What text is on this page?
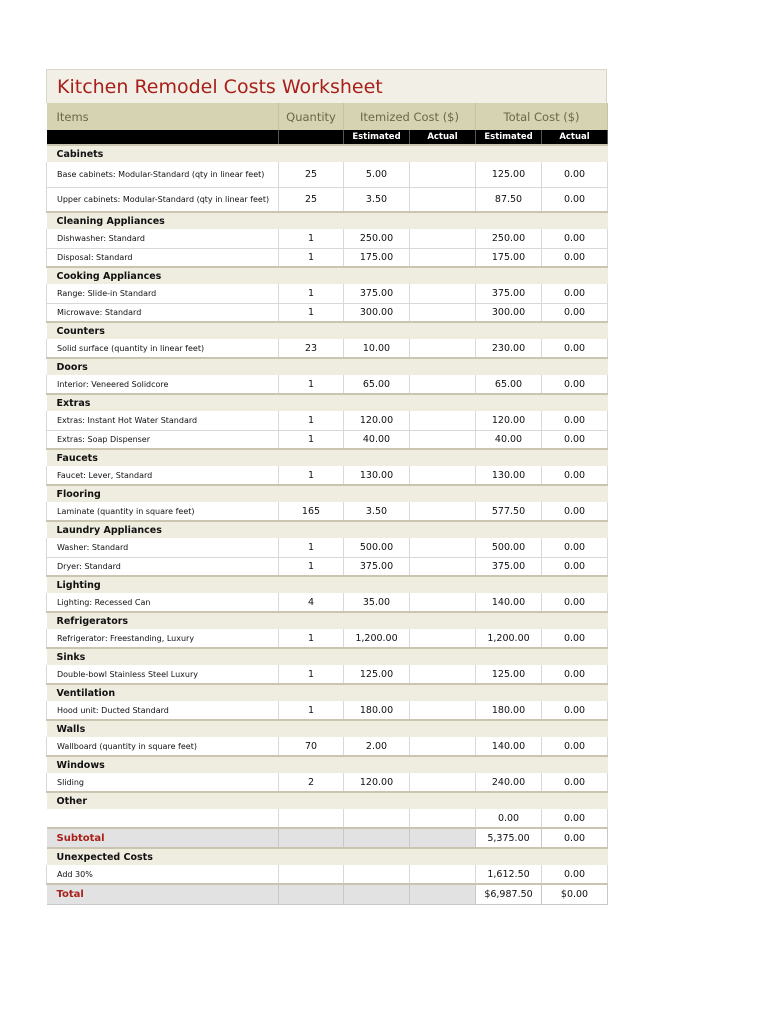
Kitchen Remodel Costs Worksheet
Items	Quantity	Itemized Cost ($)		Total Cost ($)	
		Estimated	Actual	Estimated	Actual
Cabinets					
Base cabinets: Modular-Standard (qty in linear feet)	25	5.00		125.00	0.00
Upper cabinets: Modular-Standard (qty in linear feet)	25	3.50		87.50	0.00
Cleaning Appliances					
Dishwasher: Standard	1	250.00		250.00	0.00
Disposal: Standard	1	175.00		175.00	0.00
Cooking Appliances					
Range: Slide-in Standard	1	375.00		375.00	0.00
Microwave: Standard	1	300.00		300.00	0.00
Counters					
Solid surface (quantity in linear feet)	23	10.00		230.00	0.00
Doors					
Interior: Veneered Solidcore	1	65.00		65.00	0.00
Extras					
Extras: Instant Hot Water Standard	1	120.00		120.00	0.00
Extras: Soap Dispenser	1	40.00		40.00	0.00
Faucets					
Faucet: Lever, Standard	1	130.00		130.00	0.00
Flooring					
Laminate (quantity in square feet)	165	3.50		577.50	0.00
Laundry Appliances					
Washer: Standard	1	500.00		500.00	0.00
Dryer: Standard	1	375.00		375.00	0.00
Lighting					
Lighting: Recessed Can	4	35.00		140.00	0.00
Refrigerators					
Refrigerator: Freestanding, Luxury	1	1,200.00		1,200.00	0.00
Sinks					
Double-bowl Stainless Steel Luxury	1	125.00		125.00	0.00
Ventilation					
Hood unit: Ducted Standard	1	180.00		180.00	0.00
Walls					
Wallboard (quantity in square feet)	70	2.00		140.00	0.00
Windows					
Sliding	2	120.00		240.00	0.00
Other					
				0.00	0.00
Subtotal				5,375.00	0.00
Unexpected Costs					
Add 30%				1,612.50	0.00
Total				$6,987.50	$0.00
